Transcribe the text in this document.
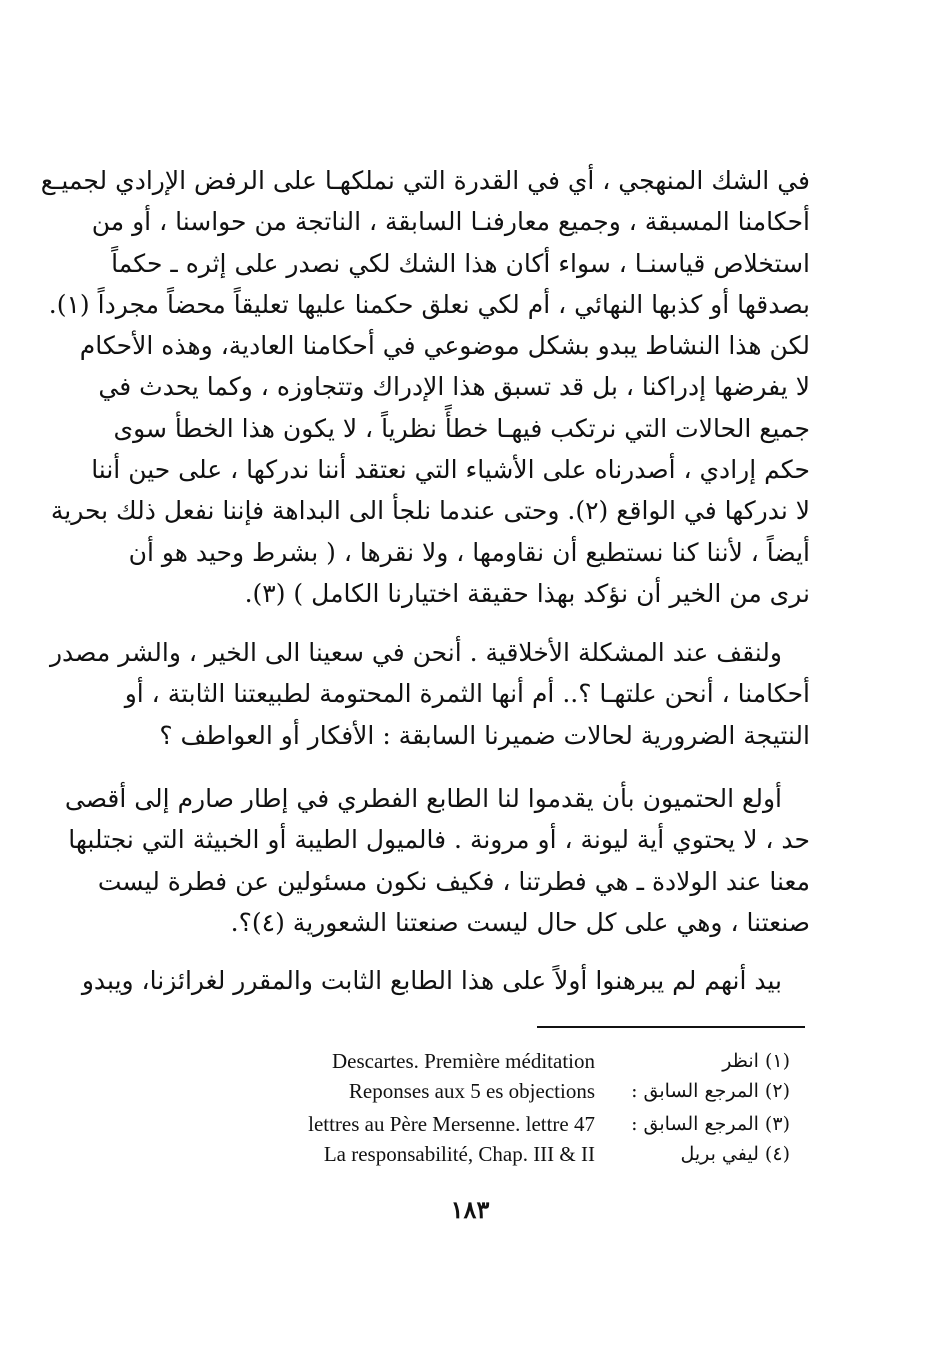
في الشك المنهجي ، أي في القدرة التي نملكهـا على الرفض الإرادي لجميـع
أحكامنا المسبقة ، وجميع معارفنـا السابقة ، الناتجة من حواسنا ، أو من
استخلاص قياسنـا ، سواء أكان هذا الشك لكي نصدر على إثره ـ حكماً
بصدقها أو كذبها النهائي ، أم لكي نعلق حكمنا عليها تعليقاً محضاً مجرداً (١).
لكن هذا النشاط يبدو بشكل موضوعي في أحكامنا العادية، وهذه الأحكام
لا يفرضها إدراكنا ، بل قد تسبق هذا الإدراك وتتجاوزه ، وكما يحدث في
جميع الحالات التي نرتكب فيهـا خطأً نظرياً ، لا يكون هذا الخطأ سوى
حكم إرادي ، أصدرناه على الأشياء التي نعتقد أننا ندركها ، على حين أننا
لا ندركها في الواقع (٢). وحتى عندما نلجأ الى البداهة فإننا نفعل ذلك بحرية
أيضاً ، لأننا كنا نستطيع أن نقاومها ، ولا نقرها ، ( بشرط وحيد هو أن
نرى من الخير أن نؤكد بهذا حقيقة اختيارنا الكامل ) (٣).
ولنقف عند المشكلة الأخلاقية . أنحن في سعينا الى الخير ، والشر مصدر
أحكامنا ، أنحن علتهـا ؟.. أم أنها الثمرة المحتومة لطبيعتنا الثابتة ، أو
النتيجة الضرورية لحالات ضميرنا السابقة : الأفكار أو العواطف ؟
أولع الحتميون بأن يقدموا لنا الطابع الفطري في إطار صارم إلى أقصى
حد ، لا يحتوي أية ليونة ، أو مرونة . فالميول الطيبة أو الخبيثة التي نجتلبها
معنا عند الولادة ـ هي فطرتنا ، فكيف نكون مسئولين عن فطرة ليست
صنعتنا ، وهي على كل حال ليست صنعتنا الشعورية (٤)؟.
بيد أنهم لم يبرهنوا أولاً على هذا الطابع الثابت والمقرر لغرائزنا، ويبدو
Descartes. Première méditation	(١) انظر
Reponses aux 5 es objections	(٢) المرجع السابق :
lettres au Père Mersenne. lettre 47	(٣) المرجع السابق :
La responsabilité, Chap. III & II	(٤) ليفي بريل
١٨٣
